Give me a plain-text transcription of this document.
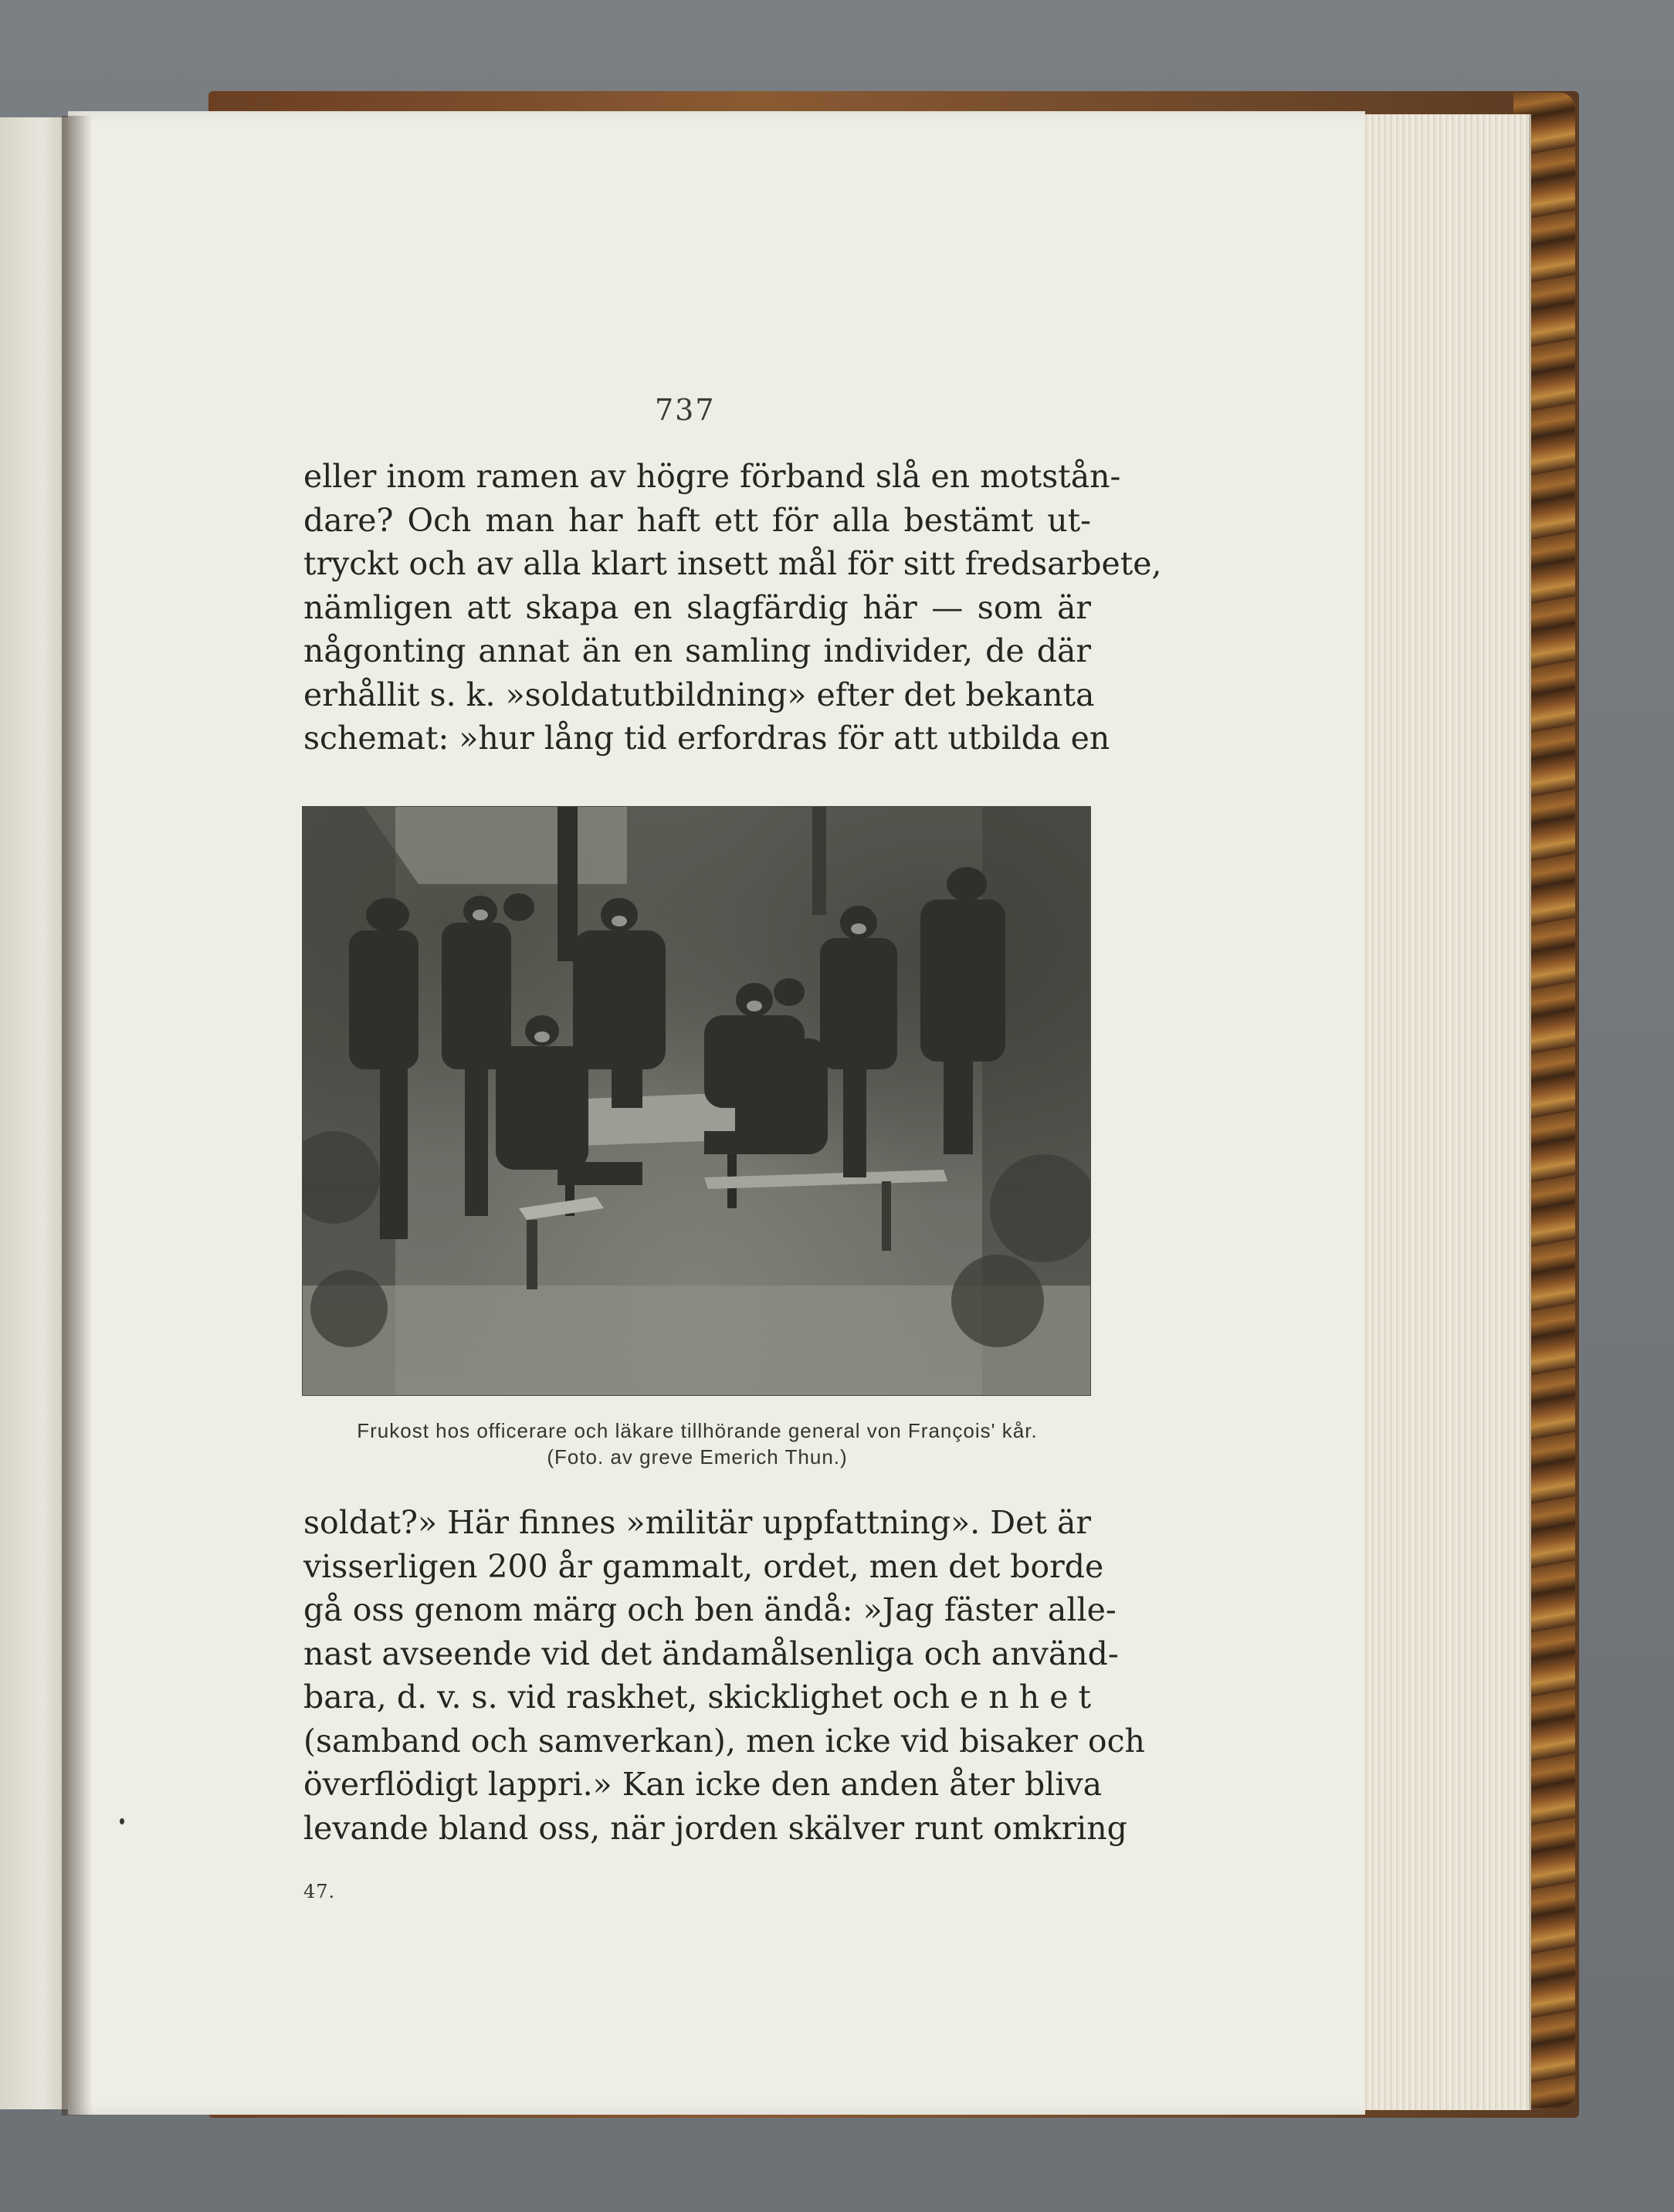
737
eller inom ramen av högre förband slå en motstån-
dare? Och man har haft ett för alla bestämt ut-
tryckt och av alla klart insett mål för sitt fredsarbete,
nämligen att skapa en slagfärdig här — som är
någonting annat än en samling individer, de där
erhållit s. k. »soldatutbildning» efter det bekanta
schemat: »hur lång tid erfordras för att utbilda en
Frukost hos officerare och läkare tillhörande general von François' kår.
(Foto. av greve Emerich Thun.)
soldat?» Här finnes »militär uppfattning». Det är
visserligen 200 år gammalt, ordet, men det borde
gå oss genom märg och ben ändå: »Jag fäster alle-
nast avseende vid det ändamålsenliga och använd-
bara, d. v. s. vid raskhet, skicklighet och e n h e t
(samband och samverkan), men icke vid bisaker och
överflödigt lappri.» Kan icke den anden åter bliva
levande bland oss, när jorden skälver runt omkring
47.
